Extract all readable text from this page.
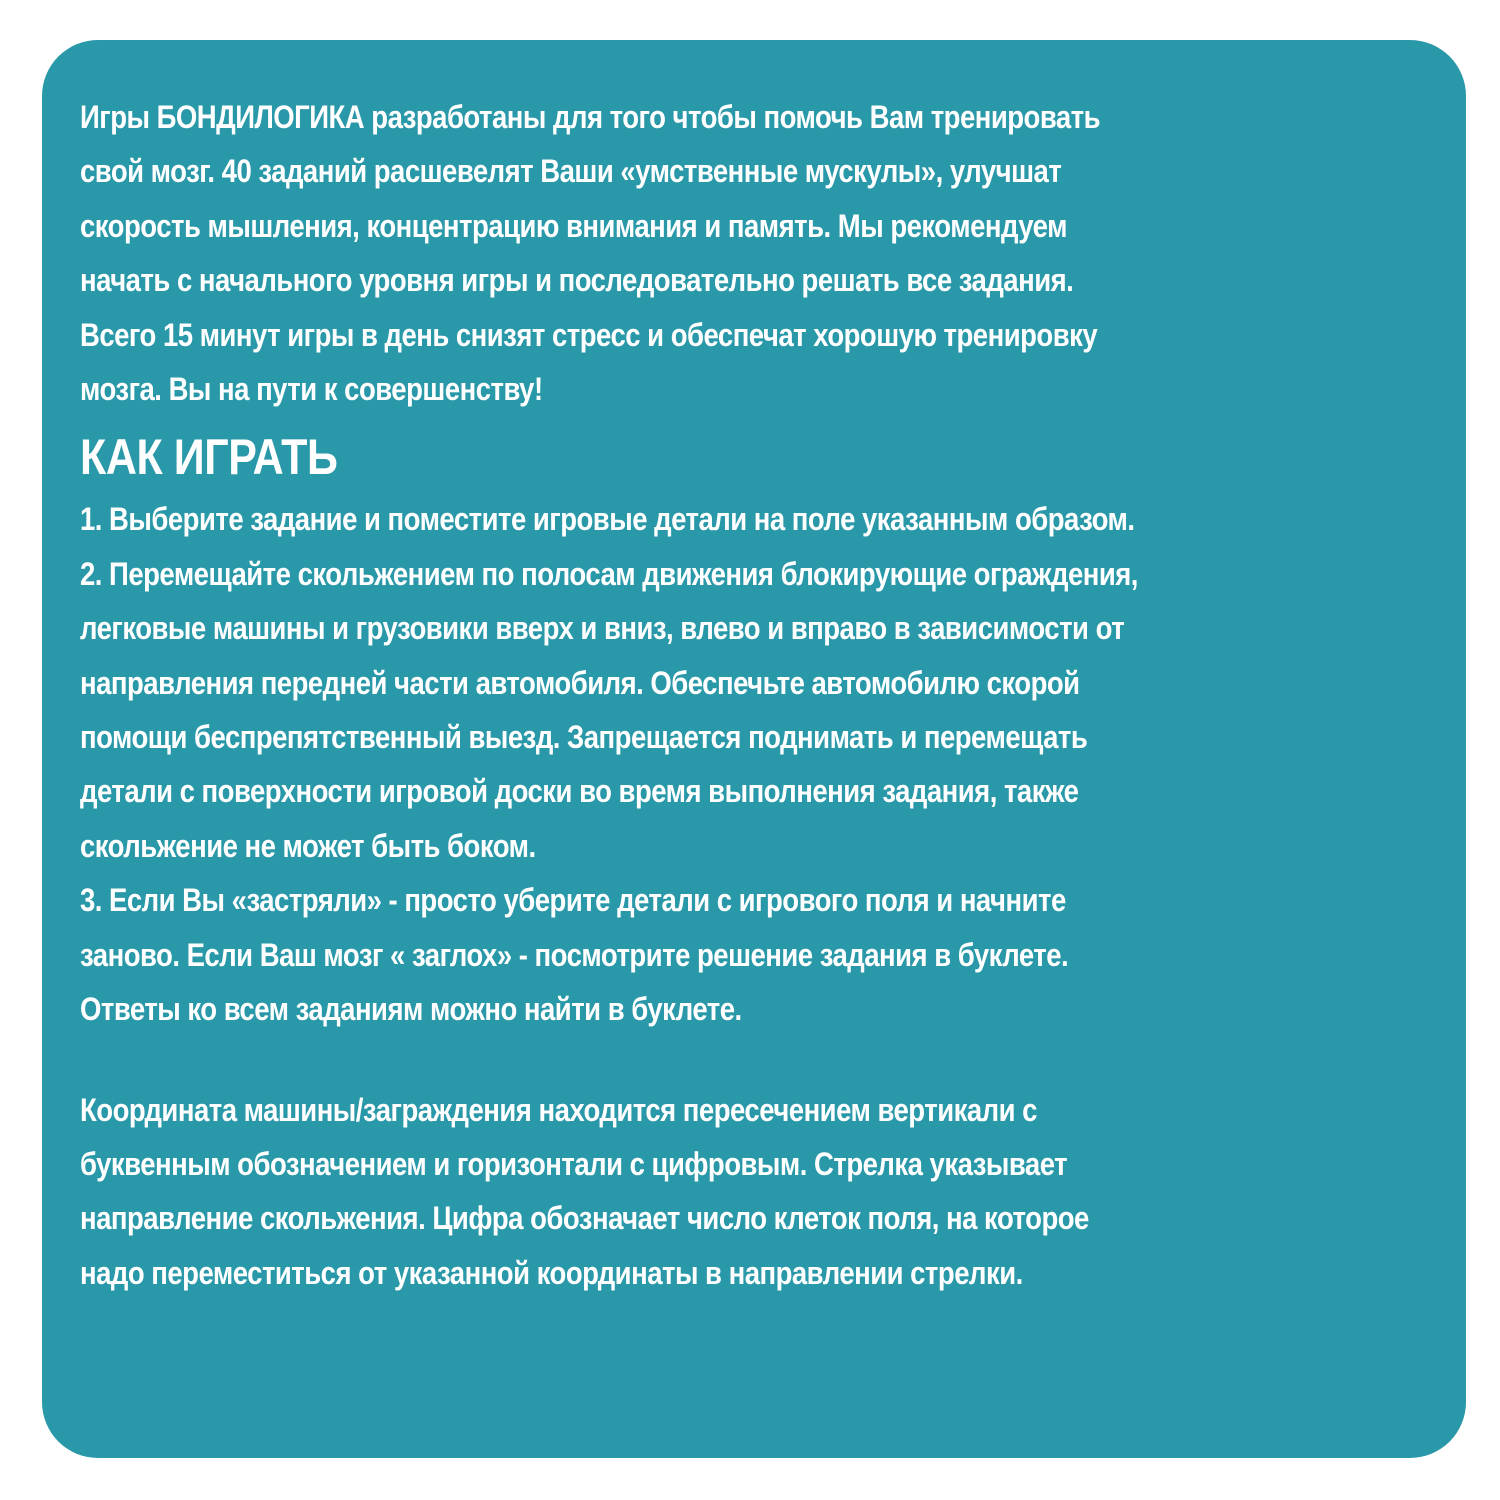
Игры БОНДИЛОГИКА разработаны для того чтобы помочь Вам тренировать
свой мозг. 40 заданий расшевелят Ваши «умственные мускулы», улучшат
скорость мышления, концентрацию внимания и память. Мы рекомендуем
начать с начального уровня игры и последовательно решать все задания.
Всего 15 минут игры в день снизят стресс и обеспечат хорошую тренировку
мозга. Вы на пути к совершенству!

КАК ИГРАТЬ

1. Выберите задание и поместите игровые детали на поле указанным образом.
2. Перемещайте скольжением по полосам движения блокирующие ограждения,
легковые машины и грузовики вверх и вниз, влево и вправо в зависимости от
направления передней части автомобиля. Обеспечьте автомобилю скорой
помощи беспрепятственный выезд. Запрещается поднимать и перемещать
детали с поверхности игровой доски во время выполнения задания, также
скольжение не может быть боком.
3. Если Вы «застряли» - просто уберите детали с игрового поля и начните
заново. Если Ваш мозг « заглох» - посмотрите решение задания в буклете.
Ответы ко всем заданиям можно найти в буклете.

Координата машины/заграждения находится пересечением вертикали с
буквенным обозначением и горизонтали с цифровым. Стрелка указывает
направление скольжения. Цифра обозначает число клеток поля, на которое
надо переместиться от указанной координаты в направлении стрелки.
